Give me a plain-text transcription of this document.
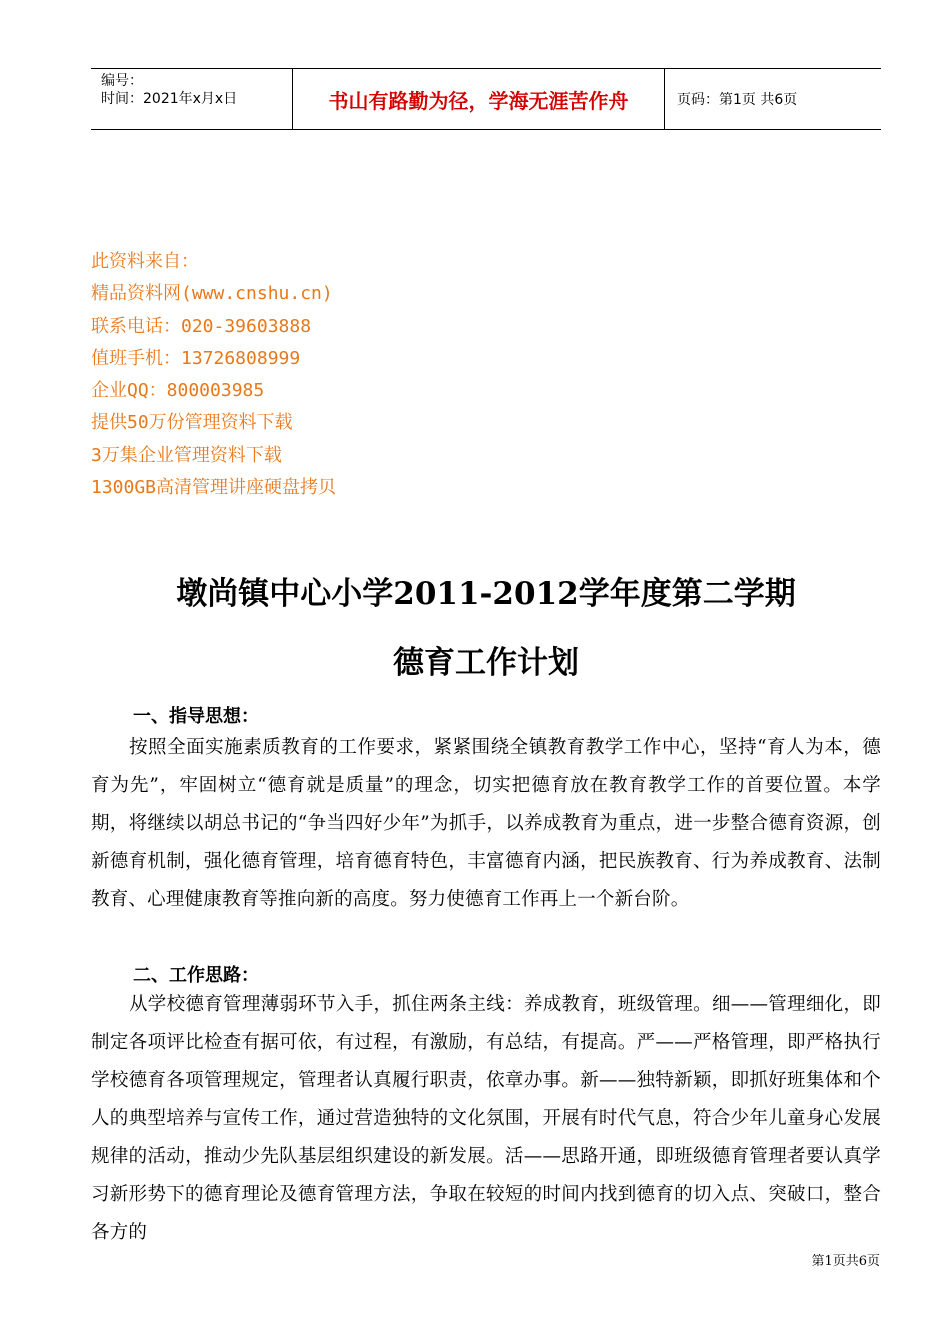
编号：
时间：2021年x月x日	书山有路勤为径，学海无涯苦作舟	页码：第1页 共6页
此资料来自：
精品资料网(www.cnshu.cn)
联系电话：020-39603888
值班手机：13726808999
企业QQ：800003985
提供50万份管理资料下载
3万集企业管理资料下载
1300GB高清管理讲座硬盘拷贝
墩尚镇中心小学2011-2012学年度第二学期
德育工作计划
一、指导思想：
按照全面实施素质教育的工作要求，紧紧围绕全镇教育教学工作中心，坚持“育人为本，德育为先”，牢固树立“德育就是质量”的理念，切实把德育放在教育教学工作的首要位置。本学期，将继续以胡总书记的“争当四好少年”为抓手，以养成教育为重点，进一步整合德育资源，创新德育机制，强化德育管理，培育德育特色，丰富德育内涵，把民族教育、行为养成教育、法制教育、心理健康教育等推向新的高度。努力使德育工作再上一个新台阶。
二、工作思路：
从学校德育管理薄弱环节入手，抓住两条主线：养成教育，班级管理。细——管理细化，即制定各项评比检查有据可依，有过程，有激励，有总结，有提高。严——严格管理，即严格执行学校德育各项管理规定，管理者认真履行职责，依章办事。新——独特新颖，即抓好班集体和个人的典型培养与宣传工作，通过营造独特的文化氛围，开展有时代气息，符合少年儿童身心发展规律的活动，推动少先队基层组织建设的新发展。活——思路开通，即班级德育管理者要认真学习新形势下的德育理论及德育管理方法，争取在较短的时间内找到德育的切入点、突破口，整合各方的
第1页共6页
